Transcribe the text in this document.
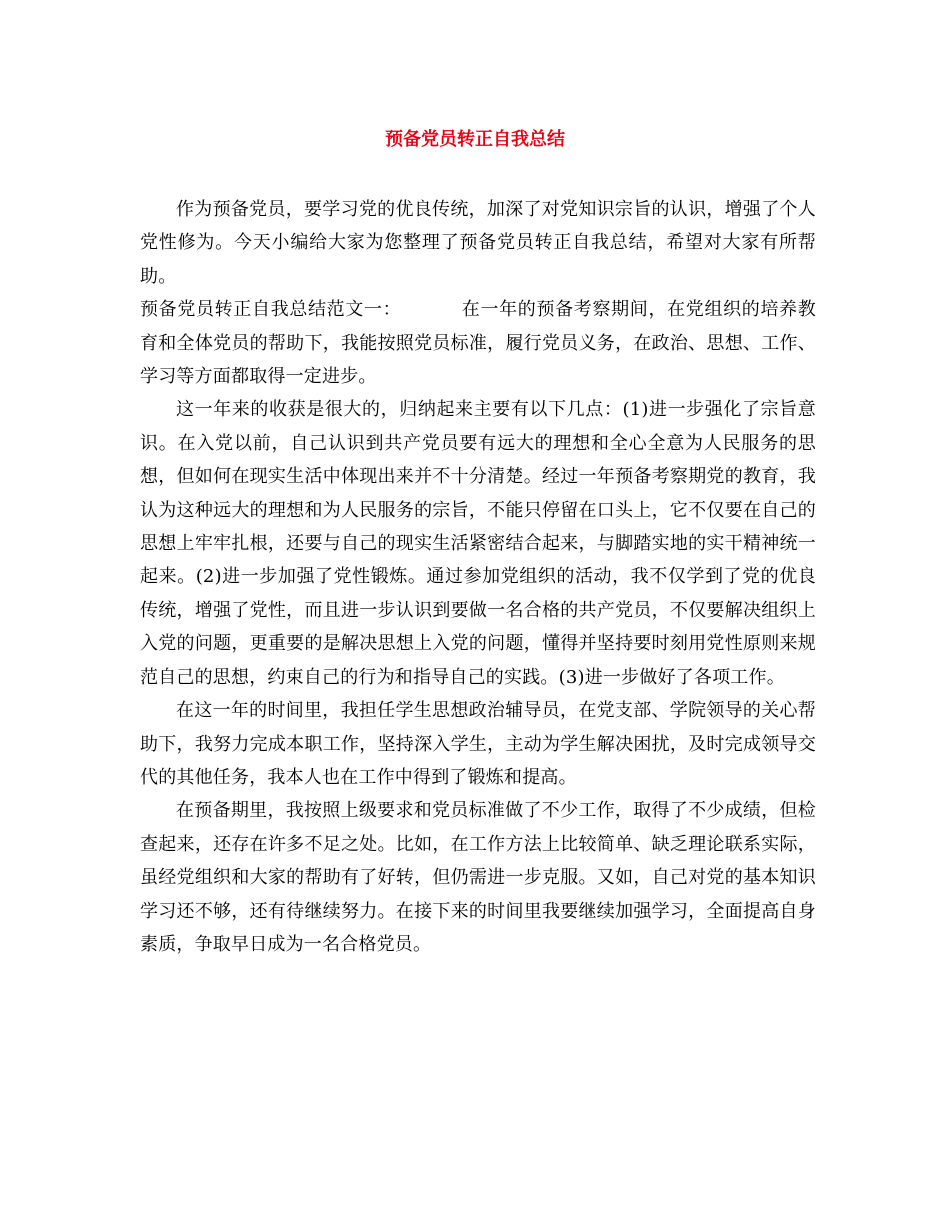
预备党员转正自我总结

作为预备党员，要学习党的优良传统，加深了对党知识宗旨的认识，增强了个人党性修为。今天小编给大家为您整理了预备党员转正自我总结，希望对大家有所帮助。

预备党员转正自我总结范文一：	在一年的预备考察期间，在党组织的培养教育和全体党员的帮助下，我能按照党员标准，履行党员义务，在政治、思想、工作、学习等方面都取得一定进步。

这一年来的收获是很大的，归纳起来主要有以下几点：(1)进一步强化了宗旨意识。在入党以前，自己认识到共产党员要有远大的理想和全心全意为人民服务的思想，但如何在现实生活中体现出来并不十分清楚。经过一年预备考察期党的教育，我认为这种远大的理想和为人民服务的宗旨，不能只停留在口头上，它不仅要在自己的思想上牢牢扎根，还要与自己的现实生活紧密结合起来，与脚踏实地的实干精神统一起来。(2)进一步加强了党性锻炼。通过参加党组织的活动，我不仅学到了党的优良传统，增强了党性，而且进一步认识到要做一名合格的共产党员，不仅要解决组织上入党的问题，更重要的是解决思想上入党的问题，懂得并坚持要时刻用党性原则来规范自己的思想，约束自己的行为和指导自己的实践。(3)进一步做好了各项工作。

在这一年的时间里，我担任学生思想政治辅导员，在党支部、学院领导的关心帮助下，我努力完成本职工作，坚持深入学生，主动为学生解决困扰，及时完成领导交代的其他任务，我本人也在工作中得到了锻炼和提高。

在预备期里，我按照上级要求和党员标准做了不少工作，取得了不少成绩，但检查起来，还存在许多不足之处。比如，在工作方法上比较简单、缺乏理论联系实际，虽经党组织和大家的帮助有了好转，但仍需进一步克服。又如，自己对党的基本知识学习还不够，还有待继续努力。在接下来的时间里我要继续加强学习，全面提高自身素质，争取早日成为一名合格党员。
